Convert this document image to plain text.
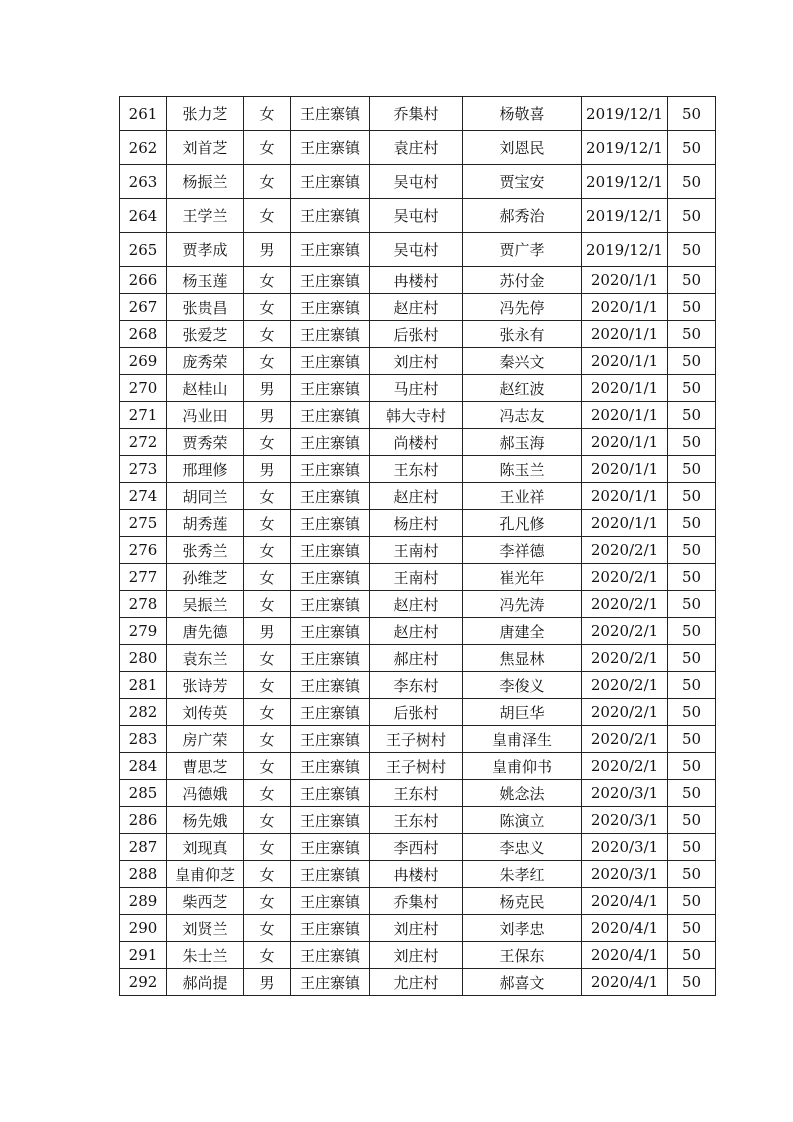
261	张力芝	女	王庄寨镇	乔集村	杨敬喜	2019/12/1	50
262	刘首芝	女	王庄寨镇	袁庄村	刘恩民	2019/12/1	50
263	杨振兰	女	王庄寨镇	吴屯村	贾宝安	2019/12/1	50
264	王学兰	女	王庄寨镇	吴屯村	郝秀治	2019/12/1	50
265	贾孝成	男	王庄寨镇	吴屯村	贾广孝	2019/12/1	50
266	杨玉莲	女	王庄寨镇	冉楼村	苏付金	2020/1/1	50
267	张贵昌	女	王庄寨镇	赵庄村	冯先停	2020/1/1	50
268	张爱芝	女	王庄寨镇	后张村	张永有	2020/1/1	50
269	庞秀荣	女	王庄寨镇	刘庄村	秦兴文	2020/1/1	50
270	赵桂山	男	王庄寨镇	马庄村	赵红波	2020/1/1	50
271	冯业田	男	王庄寨镇	韩大寺村	冯志友	2020/1/1	50
272	贾秀荣	女	王庄寨镇	尚楼村	郝玉海	2020/1/1	50
273	邢理修	男	王庄寨镇	王东村	陈玉兰	2020/1/1	50
274	胡同兰	女	王庄寨镇	赵庄村	王业祥	2020/1/1	50
275	胡秀莲	女	王庄寨镇	杨庄村	孔凡修	2020/1/1	50
276	张秀兰	女	王庄寨镇	王南村	李祥德	2020/2/1	50
277	孙维芝	女	王庄寨镇	王南村	崔光年	2020/2/1	50
278	吴振兰	女	王庄寨镇	赵庄村	冯先涛	2020/2/1	50
279	唐先德	男	王庄寨镇	赵庄村	唐建全	2020/2/1	50
280	袁东兰	女	王庄寨镇	郝庄村	焦显林	2020/2/1	50
281	张诗芳	女	王庄寨镇	李东村	李俊义	2020/2/1	50
282	刘传英	女	王庄寨镇	后张村	胡巨华	2020/2/1	50
283	房广荣	女	王庄寨镇	王子树村	皇甫泽生	2020/2/1	50
284	曹思芝	女	王庄寨镇	王子树村	皇甫仰书	2020/2/1	50
285	冯德娥	女	王庄寨镇	王东村	姚念法	2020/3/1	50
286	杨先娥	女	王庄寨镇	王东村	陈演立	2020/3/1	50
287	刘现真	女	王庄寨镇	李西村	李忠义	2020/3/1	50
288	皇甫仰芝	女	王庄寨镇	冉楼村	朱孝红	2020/3/1	50
289	柴西芝	女	王庄寨镇	乔集村	杨克民	2020/4/1	50
290	刘贤兰	女	王庄寨镇	刘庄村	刘孝忠	2020/4/1	50
291	朱士兰	女	王庄寨镇	刘庄村	王保东	2020/4/1	50
292	郝尚提	男	王庄寨镇	尤庄村	郝喜文	2020/4/1	50
